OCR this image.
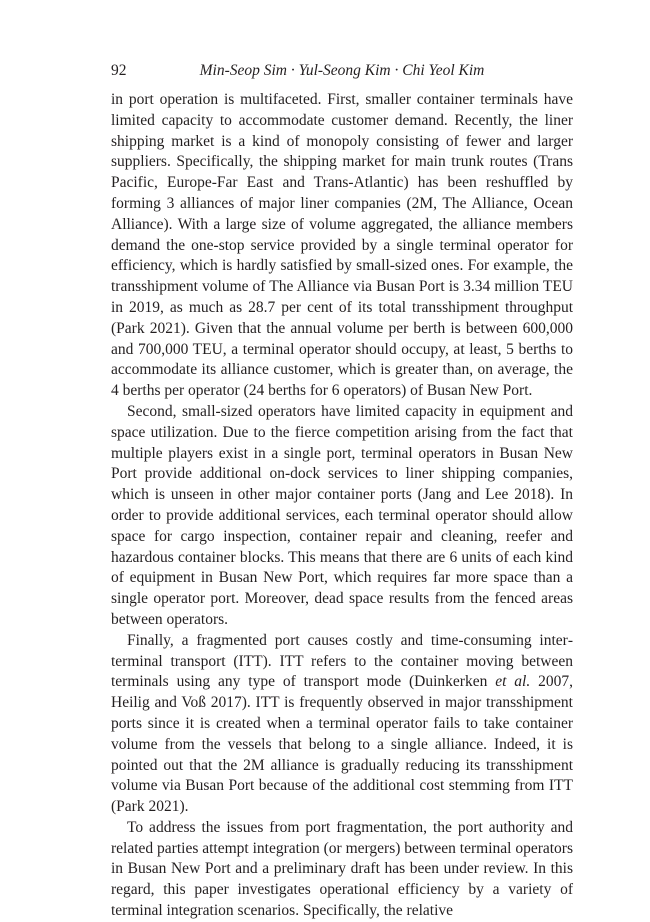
92	Min-Seop Sim · Yul-Seong Kim · Chi Yeol Kim

in port operation is multifaceted. First, smaller container terminals have limited capacity to accommodate customer demand. Recently, the liner shipping market is a kind of monopoly consisting of fewer and larger suppliers. Specifically, the shipping market for main trunk routes (Trans Pacific, Europe-Far East and Trans-Atlantic) has been reshuffled by forming 3 alliances of major liner companies (2M, The Alliance, Ocean Alliance). With a large size of volume aggregated, the alliance members demand the one-stop service provided by a single terminal operator for efficiency, which is hardly satisfied by small-sized ones. For example, the transshipment volume of The Alliance via Busan Port is 3.34 million TEU in 2019, as much as 28.7 per cent of its total transshipment throughput (Park 2021). Given that the annual volume per berth is between 600,000 and 700,000 TEU, a terminal operator should occupy, at least, 5 berths to accommodate its alliance customer, which is greater than, on average, the 4 berths per operator (24 berths for 6 operators) of Busan New Port.

Second, small-sized operators have limited capacity in equipment and space utilization. Due to the fierce competition arising from the fact that multiple players exist in a single port, terminal operators in Busan New Port provide additional on-dock services to liner shipping companies, which is unseen in other major container ports (Jang and Lee 2018). In order to provide additional services, each terminal operator should allow space for cargo inspection, container repair and cleaning, reefer and hazardous container blocks. This means that there are 6 units of each kind of equipment in Busan New Port, which requires far more space than a single operator port. Moreover, dead space results from the fenced areas between operators.

Finally, a fragmented port causes costly and time-consuming interterminal transport (ITT). ITT refers to the container moving between terminals using any type of transport mode (Duinkerken et al. 2007, Heilig and Voß 2017). ITT is frequently observed in major transshipment ports since it is created when a terminal operator fails to take container volume from the vessels that belong to a single alliance. Indeed, it is pointed out that the 2M alliance is gradually reducing its transshipment volume via Busan Port because of the additional cost stemming from ITT (Park 2021).

To address the issues from port fragmentation, the port authority and related parties attempt integration (or mergers) between terminal operators in Busan New Port and a preliminary draft has been under review. In this regard, this paper investigates operational efficiency by a variety of terminal integration scenarios. Specifically, the relative
